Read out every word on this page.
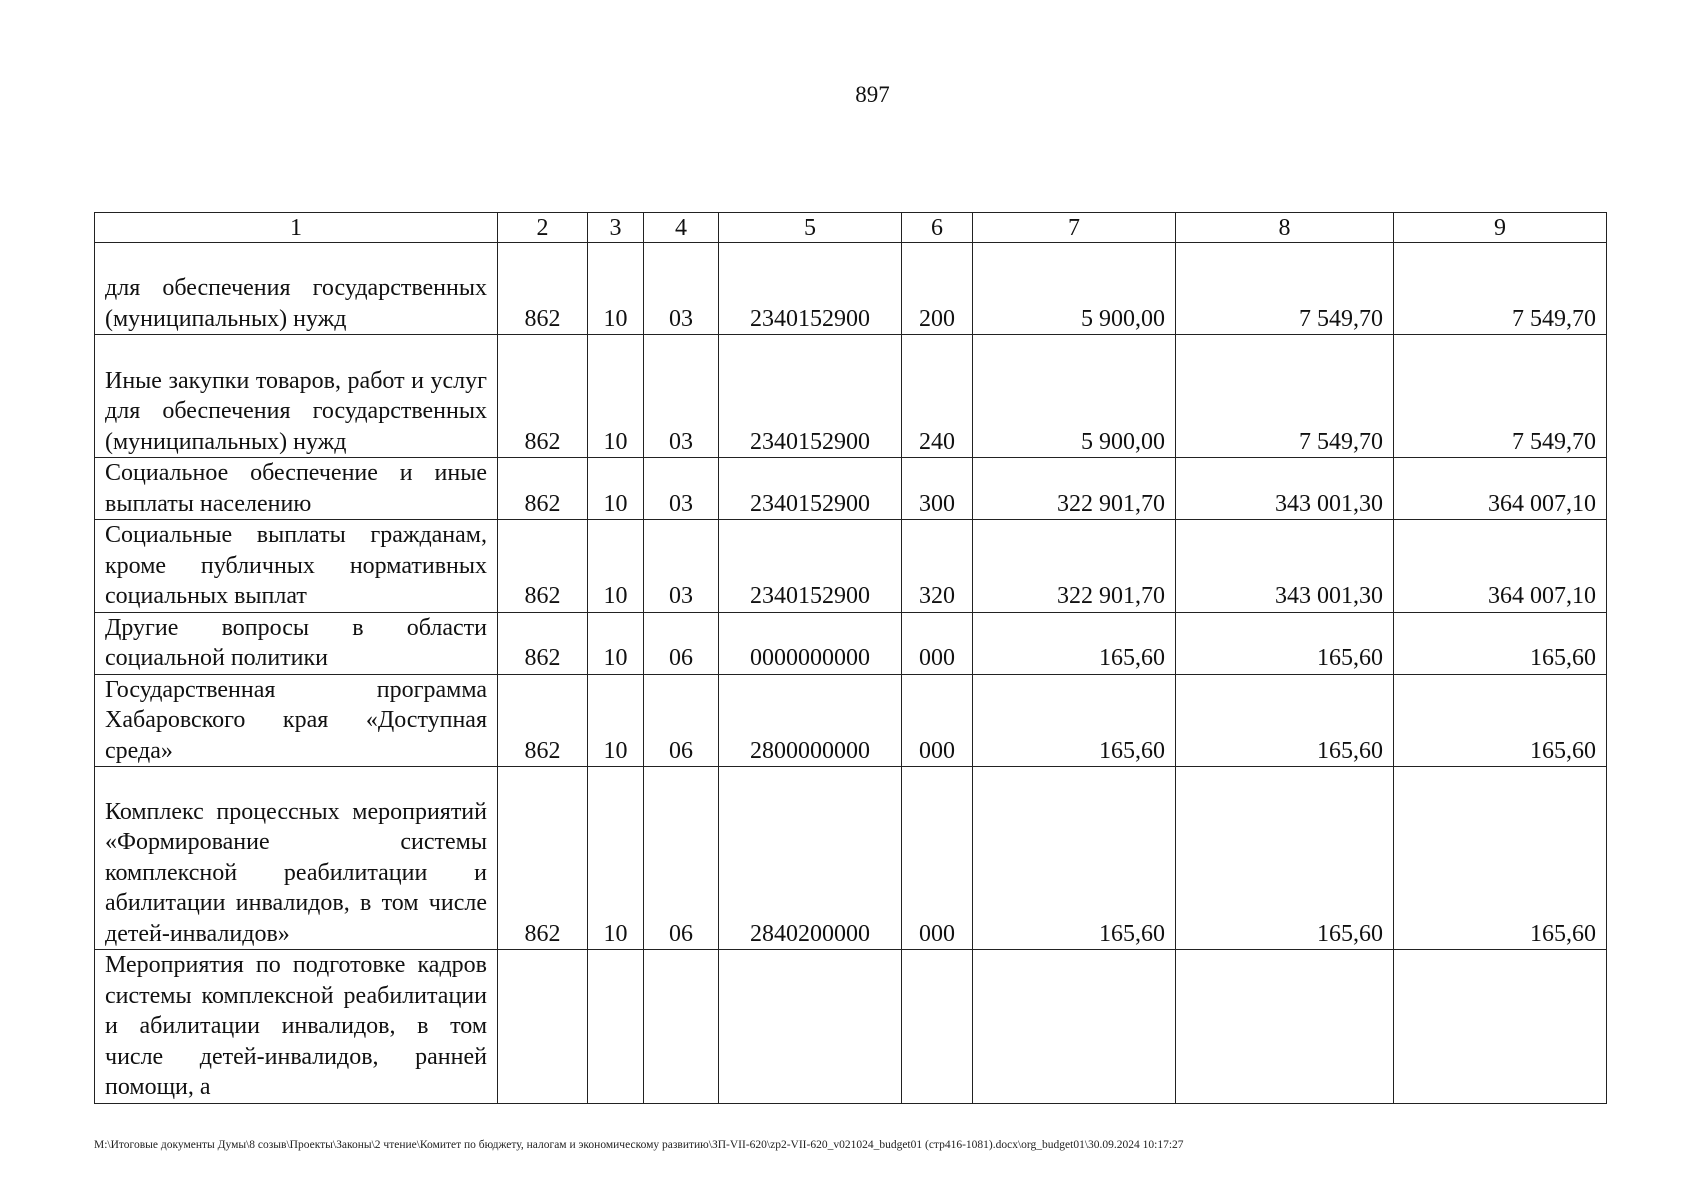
897
1	2	3	4	5	6	7	8	9
для обеспечения государственных (муниципальных) нужд	862	10	03	2340152900	200	5 900,00	7 549,70	7 549,70
Иные закупки товаров, работ и услуг для обеспечения государственных (муниципальных) нужд	862	10	03	2340152900	240	5 900,00	7 549,70	7 549,70
Социальное обеспечение и иные выплаты населению	862	10	03	2340152900	300	322 901,70	343 001,30	364 007,10
Социальные выплаты гражданам, кроме публичных нормативных социальных выплат	862	10	03	2340152900	320	322 901,70	343 001,30	364 007,10
Другие вопросы в области социальной политики	862	10	06	0000000000	000	165,60	165,60	165,60
Государственная программа Хабаровского края «Доступная среда»	862	10	06	2800000000	000	165,60	165,60	165,60
Комплекс процессных мероприятий «Формирование системы комплексной реабилитации и абилитации инвалидов, в том числе детей-инвалидов»	862	10	06	2840200000	000	165,60	165,60	165,60
Мероприятия по подготовке кадров системы комплексной реабилитации и абилитации инвалидов, в том числе детей-инвалидов, ранней помощи, а								
M:\Итоговые документы Думы\8 созыв\Проекты\Законы\2 чтение\Комитет по бюджету, налогам и экономическому развитию\ЗП-VII-620\zp2-VII-620_v021024_budget01 (стр416-1081).docx\org_budget01\30.09.2024 10:17:27
